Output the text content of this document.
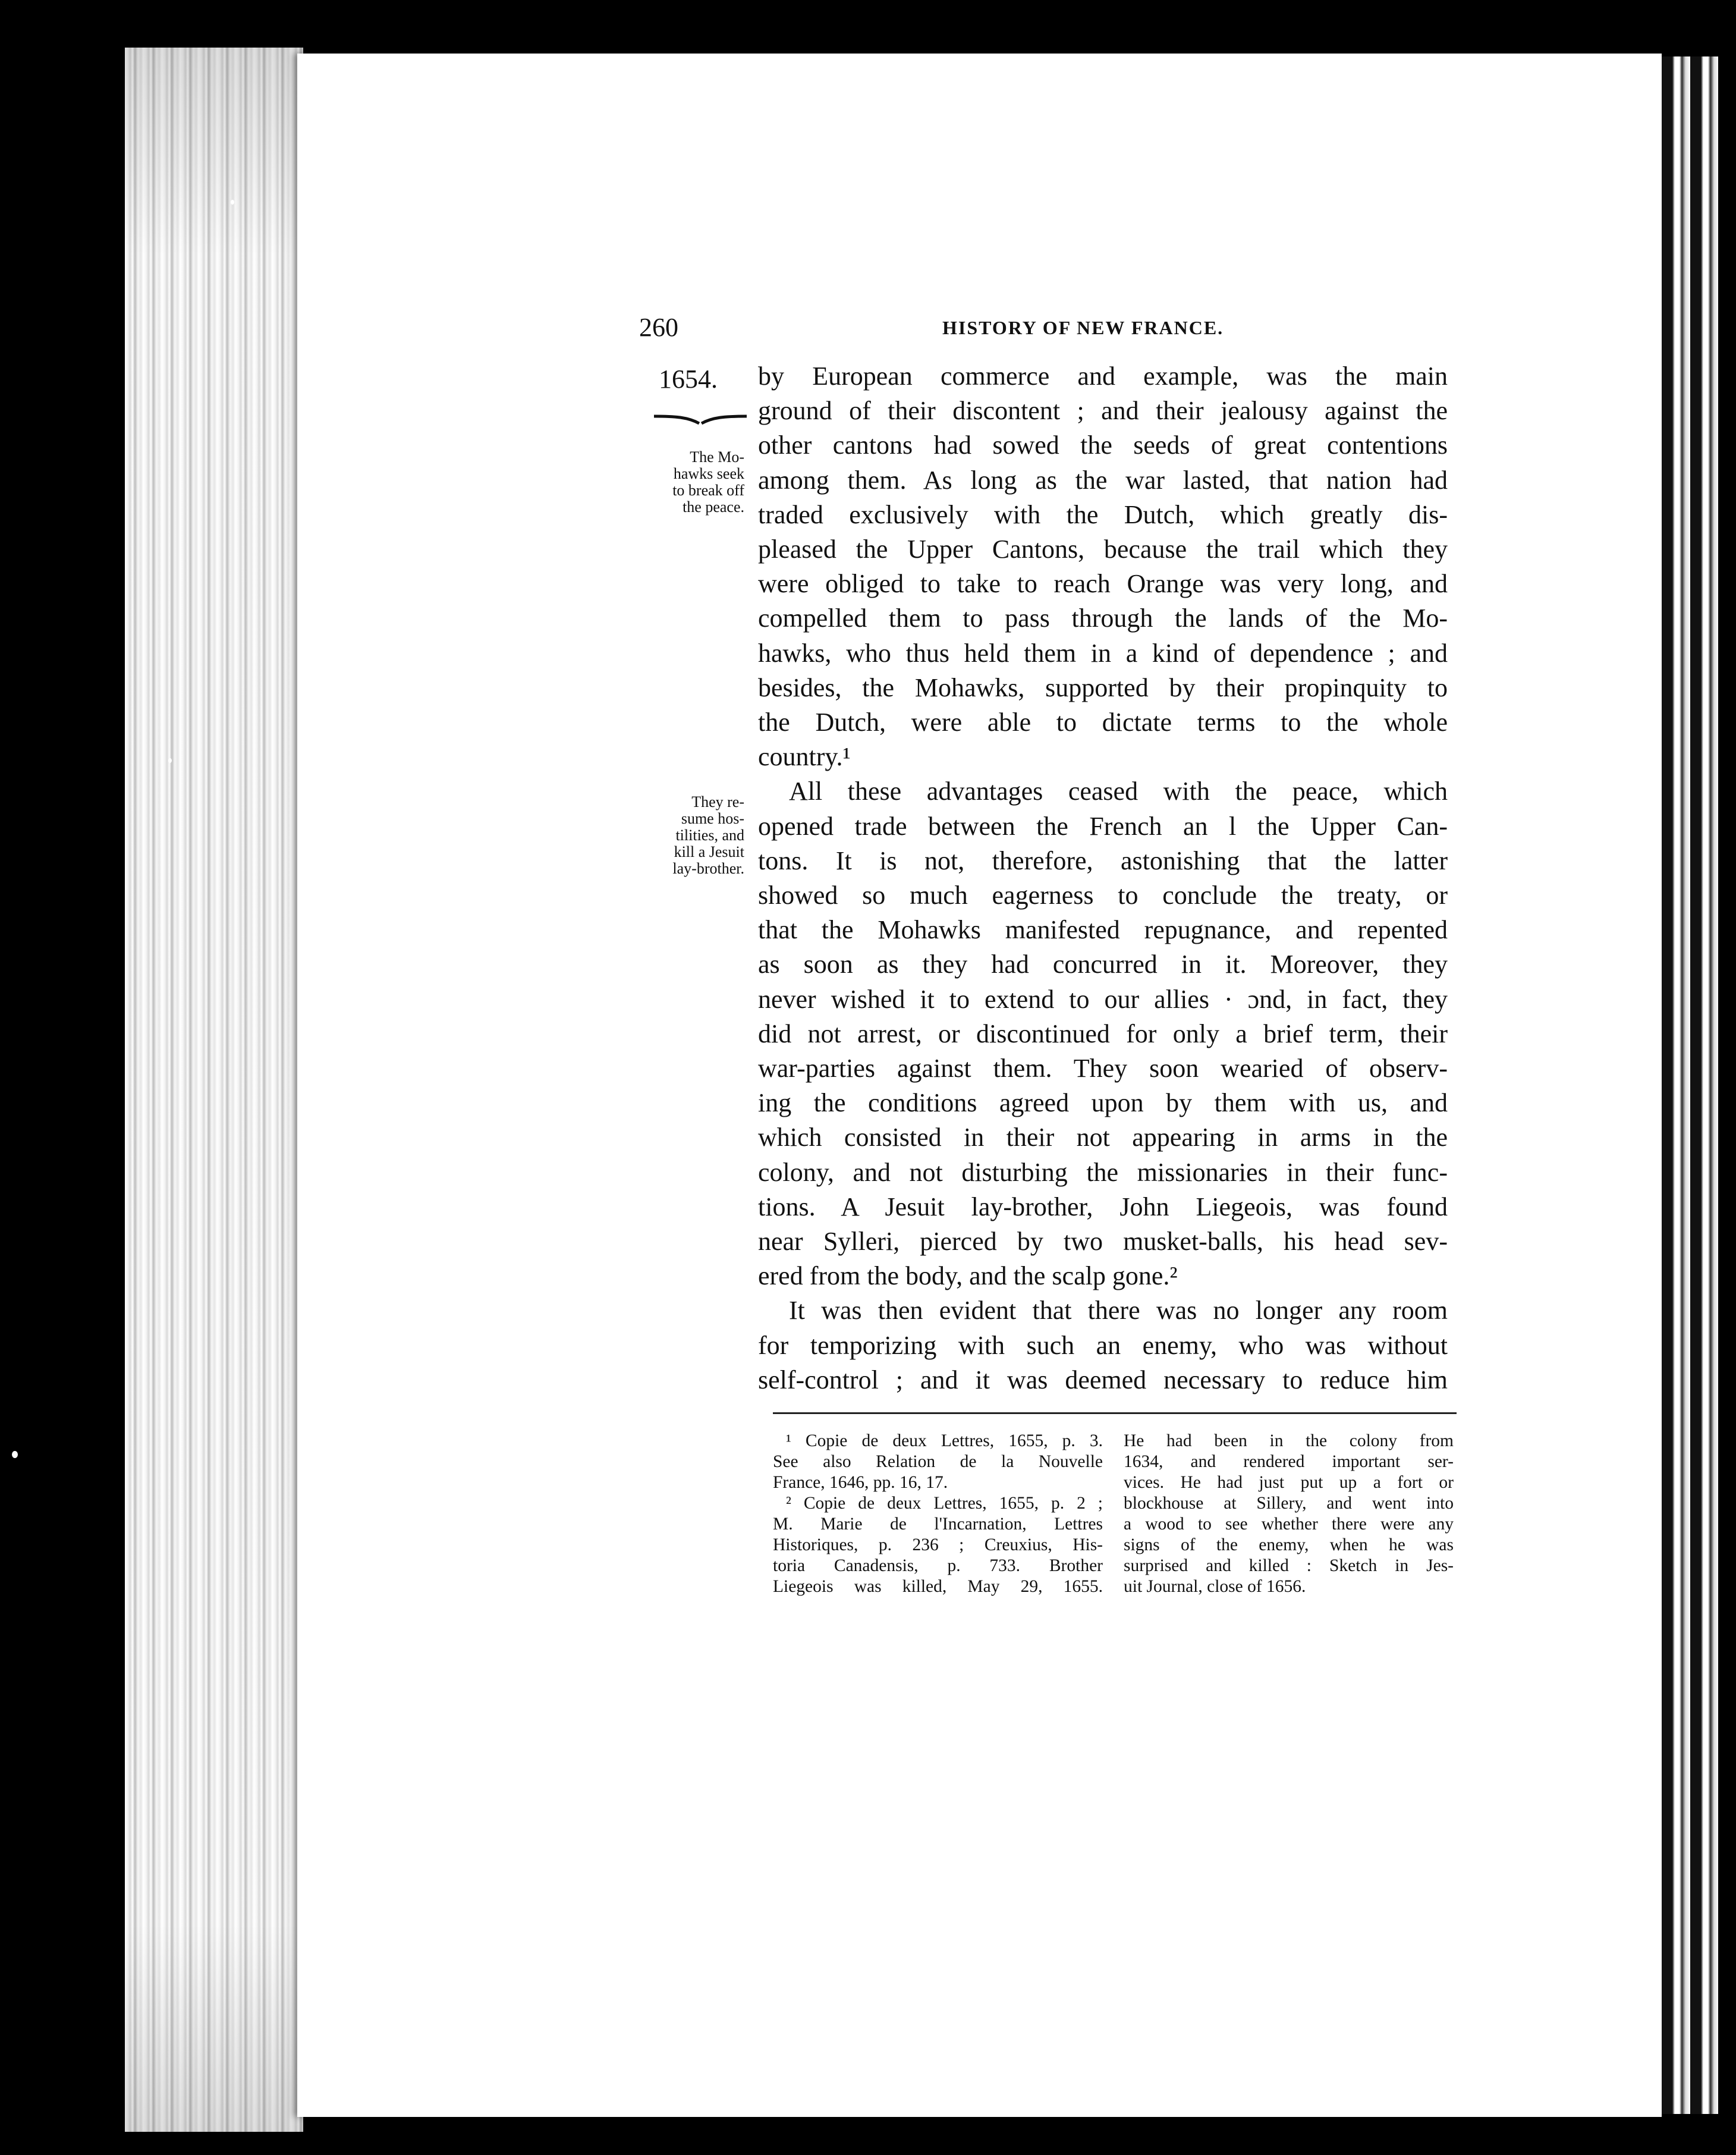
260	HISTORY OF NEW FRANCE.
1654.
The Mo-
hawks seek
to break off
the peace.
They re-
sume hos-
tilities, and
kill a Jesuit
lay-brother.
by European commerce and example, was the main
ground of their discontent ; and their jealousy against the
other cantons had sowed the seeds of great contentions
among them. As long as the war lasted, that nation had
traded exclusively with the Dutch, which greatly dis-
pleased the Upper Cantons, because the trail which they
were obliged to take to reach Orange was very long, and
compelled them to pass through the lands of the Mo-
hawks, who thus held them in a kind of dependence ; and
besides, the Mohawks, supported by their propinquity to
the Dutch, were able to dictate terms to the whole
country.¹
All these advantages ceased with the peace, which
opened trade between the French an l the Upper Can-
tons. It is not, therefore, astonishing that the latter
showed so much eagerness to conclude the treaty, or
that the Mohawks manifested repugnance, and repented
as soon as they had concurred in it. Moreover, they
never wished it to extend to our allies · ɔnd, in fact, they
did not arrest, or discontinued for only a brief term, their
war-parties against them. They soon wearied of observ-
ing the conditions agreed upon by them with us, and
which consisted in their not appearing in arms in the
colony, and not disturbing the missionaries in their func-
tions. A Jesuit lay-brother, John Liegeois, was found
near Sylleri, pierced by two musket-balls, his head sev-
ered from the body, and the scalp gone.²
It was then evident that there was no longer any room
for temporizing with such an enemy, who was without
self-control ; and it was deemed necessary to reduce him
¹ Copie de deux Lettres, 1655, p. 3.
See also Relation de la Nouvelle
France, 1646, pp. 16, 17.
² Copie de deux Lettres, 1655, p. 2 ;
M. Marie de l'Incarnation, Lettres
Historiques, p. 236 ; Creuxius, His-
toria Canadensis, p. 733. Brother
Liegeois was killed, May 29, 1655.
He had been in the colony from
1634, and rendered important ser-
vices. He had just put up a fort or
blockhouse at Sillery, and went into
a wood to see whether there were any
signs of the enemy, when he was
surprised and killed : Sketch in Jes-
uit Journal, close of 1656.
